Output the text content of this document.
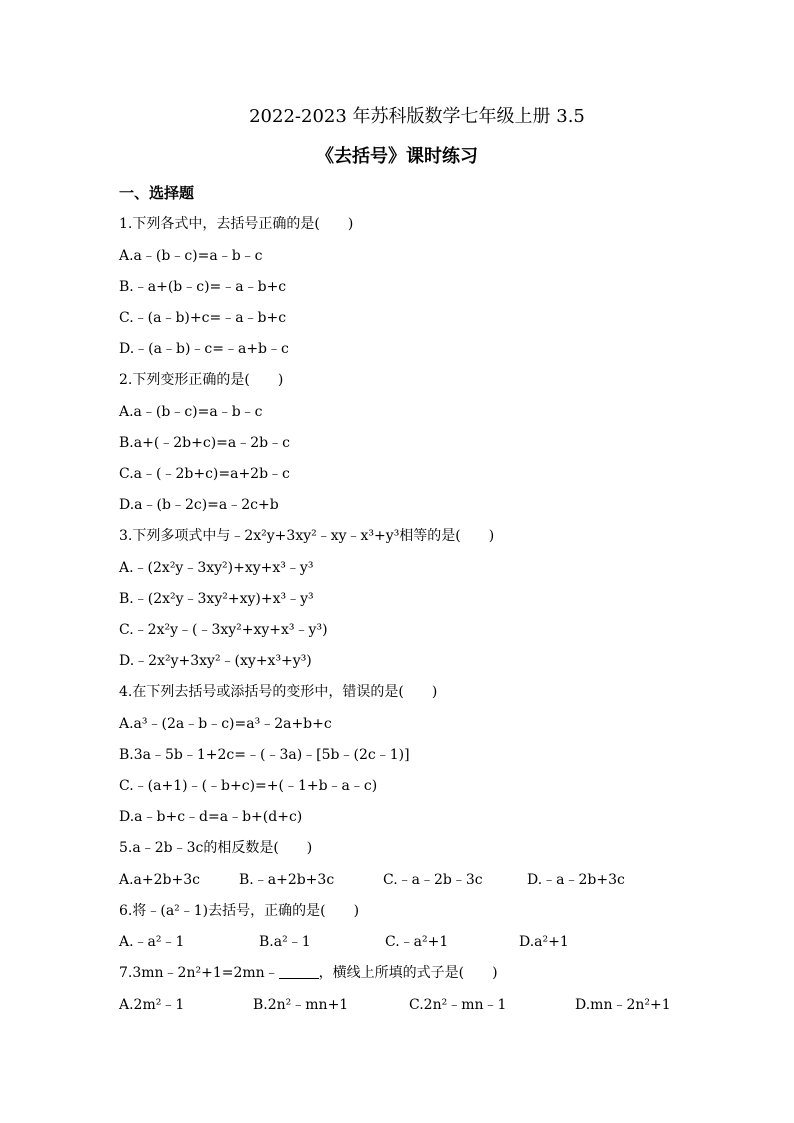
2022-2023 年苏科版数学七年级上册 3.5
《去括号》课时练习
一、选择题
1.下列各式中，去括号正确的是(　　)
A.a﹣(b﹣c)=a﹣b﹣c
B.﹣a+(b﹣c)=﹣a﹣b+c
C.﹣(a﹣b)+c=﹣a﹣b+c
D.﹣(a﹣b)﹣c=﹣a+b﹣c
2.下列变形正确的是(　　)
A.a﹣(b﹣c)=a﹣b﹣c
B.a+(﹣2b+c)=a﹣2b﹣c
C.a﹣(﹣2b+c)=a+2b﹣c
D.a﹣(b﹣2c)=a﹣2c+b
3.下列多项式中与﹣2x²y+3xy²﹣xy﹣x³+y³相等的是(　　)
A.﹣(2x²y﹣3xy²)+xy+x³﹣y³
B.﹣(2x²y﹣3xy²+xy)+x³﹣y³
C.﹣2x²y﹣(﹣3xy²+xy+x³﹣y³)
D.﹣2x²y+3xy²﹣(xy+x³+y³)
4.在下列去括号或添括号的变形中，错误的是(　　)
A.a³﹣(2a﹣b﹣c)=a³﹣2a+b+c
B.3a﹣5b﹣1+2c=﹣(﹣3a)﹣[5b﹣(2c﹣1)]
C.﹣(a+1)﹣(﹣b+c)=+(﹣1+b﹣a﹣c)
D.a﹣b+c﹣d=a﹣b+(d+c)
5.a﹣2b﹣3c的相反数是(　　)
A.a+2b+3c	B.﹣a+2b+3c	C.﹣a﹣2b﹣3c	D.﹣a﹣2b+3c
6.将﹣(a²﹣1)去括号，正确的是(　　)
A.﹣a²﹣1	B.a²﹣1	C.﹣a²+1	D.a²+1
7.3mn﹣2n²+1=2mn﹣	，横线上所填的式子是(　　)
A.2m²﹣1	B.2n²﹣mn+1	C.2n²﹣mn﹣1	D.mn﹣2n²+1
